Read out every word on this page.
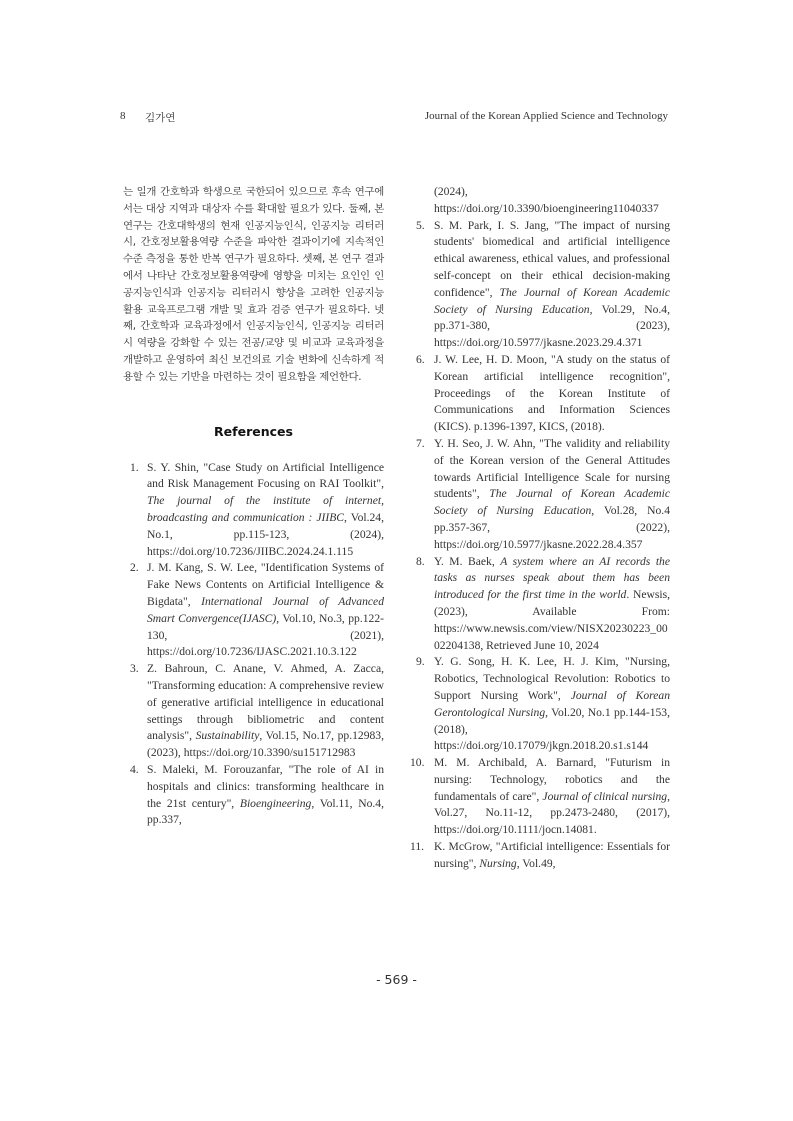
8 김가연	Journal of the Korean Applied Science and Technology

는 일개 간호학과 학생으로 국한되어 있으므로 후속 연구에서는 대상 지역과 대상자 수를 확대할 필요가 있다. 둘째, 본 연구는 간호대학생의 현재 인공지능인식, 인공지능 리터러시, 간호정보활용역량 수준을 파악한 결과이기에 지속적인 수준 측정을 통한 반복 연구가 필요하다. 셋째, 본 연구 결과에서 나타난 간호정보활용역량에 영향을 미치는 요인인 인공지능인식과 인공지능 리터러시 향상을 고려한 인공지능 활용 교육프로그램 개발 및 효과 검증 연구가 필요하다. 넷째, 간호학과 교육과정에서 인공지능인식, 인공지능 리터러시 역량을 강화할 수 있는 전공/교양 및 비교과 교육과정을 개발하고 운영하여 최신 보건의료 기술 변화에 신속하게 적용할 수 있는 기반을 마련하는 것이 필요함을 제언한다.

References
1. S. Y. Shin, "Case Study on Artificial Intelligence and Risk Management Focusing on RAI Toolkit", The journal of the institute of internet, broadcasting and communication : JIIBC, Vol.24, No.1, pp.115-123, (2024), https://doi.org/10.7236/JIIBC.2024.24.1.115
2. J. M. Kang, S. W. Lee, "Identification Systems of Fake News Contents on Artificial Intelligence & Bigdata", International Journal of Advanced Smart Convergence(IJASC), Vol.10, No.3, pp.122-130, (2021), https://doi.org/10.7236/IJASC.2021.10.3.122
3. Z. Bahroun, C. Anane, V. Ahmed, A. Zacca, "Transforming education: A comprehensive review of generative artificial intelligence in educational settings through bibliometric and content analysis", Sustainability, Vol.15, No.17, pp.12983, (2023), https://doi.org/10.3390/su151712983
4. S. Maleki, M. Forouzanfar, "The role of AI in hospitals and clinics: transforming healthcare in the 21st century", Bioengineering, Vol.11, No.4, pp.337,
(2024), https://doi.org/10.3390/bioengineering11040337
5. S. M. Park, I. S. Jang, "The impact of nursing students' biomedical and artificial intelligence ethical awareness, ethical values, and professional self-concept on their ethical decision-making confidence", The Journal of Korean Academic Society of Nursing Education, Vol.29, No.4, pp.371-380, (2023), https://doi.org/10.5977/jkasne.2023.29.4.371
6. J. W. Lee, H. D. Moon, "A study on the status of Korean artificial intelligence recognition", Proceedings of the Korean Institute of Communications and Information Sciences (KICS). p.1396-1397, KICS, (2018).
7. Y. H. Seo, J. W. Ahn, "The validity and reliability of the Korean version of the General Attitudes towards Artificial Intelligence Scale for nursing students", The Journal of Korean Academic Society of Nursing Education, Vol.28, No.4 pp.357-367, (2022), https://doi.org/10.5977/jkasne.2022.28.4.357
8. Y. M. Baek, A system where an AI records the tasks as nurses speak about them has been introduced for the first time in the world. Newsis, (2023), Available From: https://www.newsis.com/view/NISX20230223_0002204138, Retrieved June 10, 2024
9. Y. G. Song, H. K. Lee, H. J. Kim, "Nursing, Robotics, Technological Revolution: Robotics to Support Nursing Work", Journal of Korean Gerontological Nursing, Vol.20, No.1 pp.144-153, (2018), https://doi.org/10.17079/jkgn.2018.20.s1.s144
10. M. M. Archibald, A. Barnard, "Futurism in nursing: Technology, robotics and the fundamentals of care", Journal of clinical nursing, Vol.27, No.11-12, pp.2473-2480, (2017), https://doi.org/10.1111/jocn.14081.
11. K. McGrow, "Artificial intelligence: Essentials for nursing", Nursing, Vol.49,
- 569 -
